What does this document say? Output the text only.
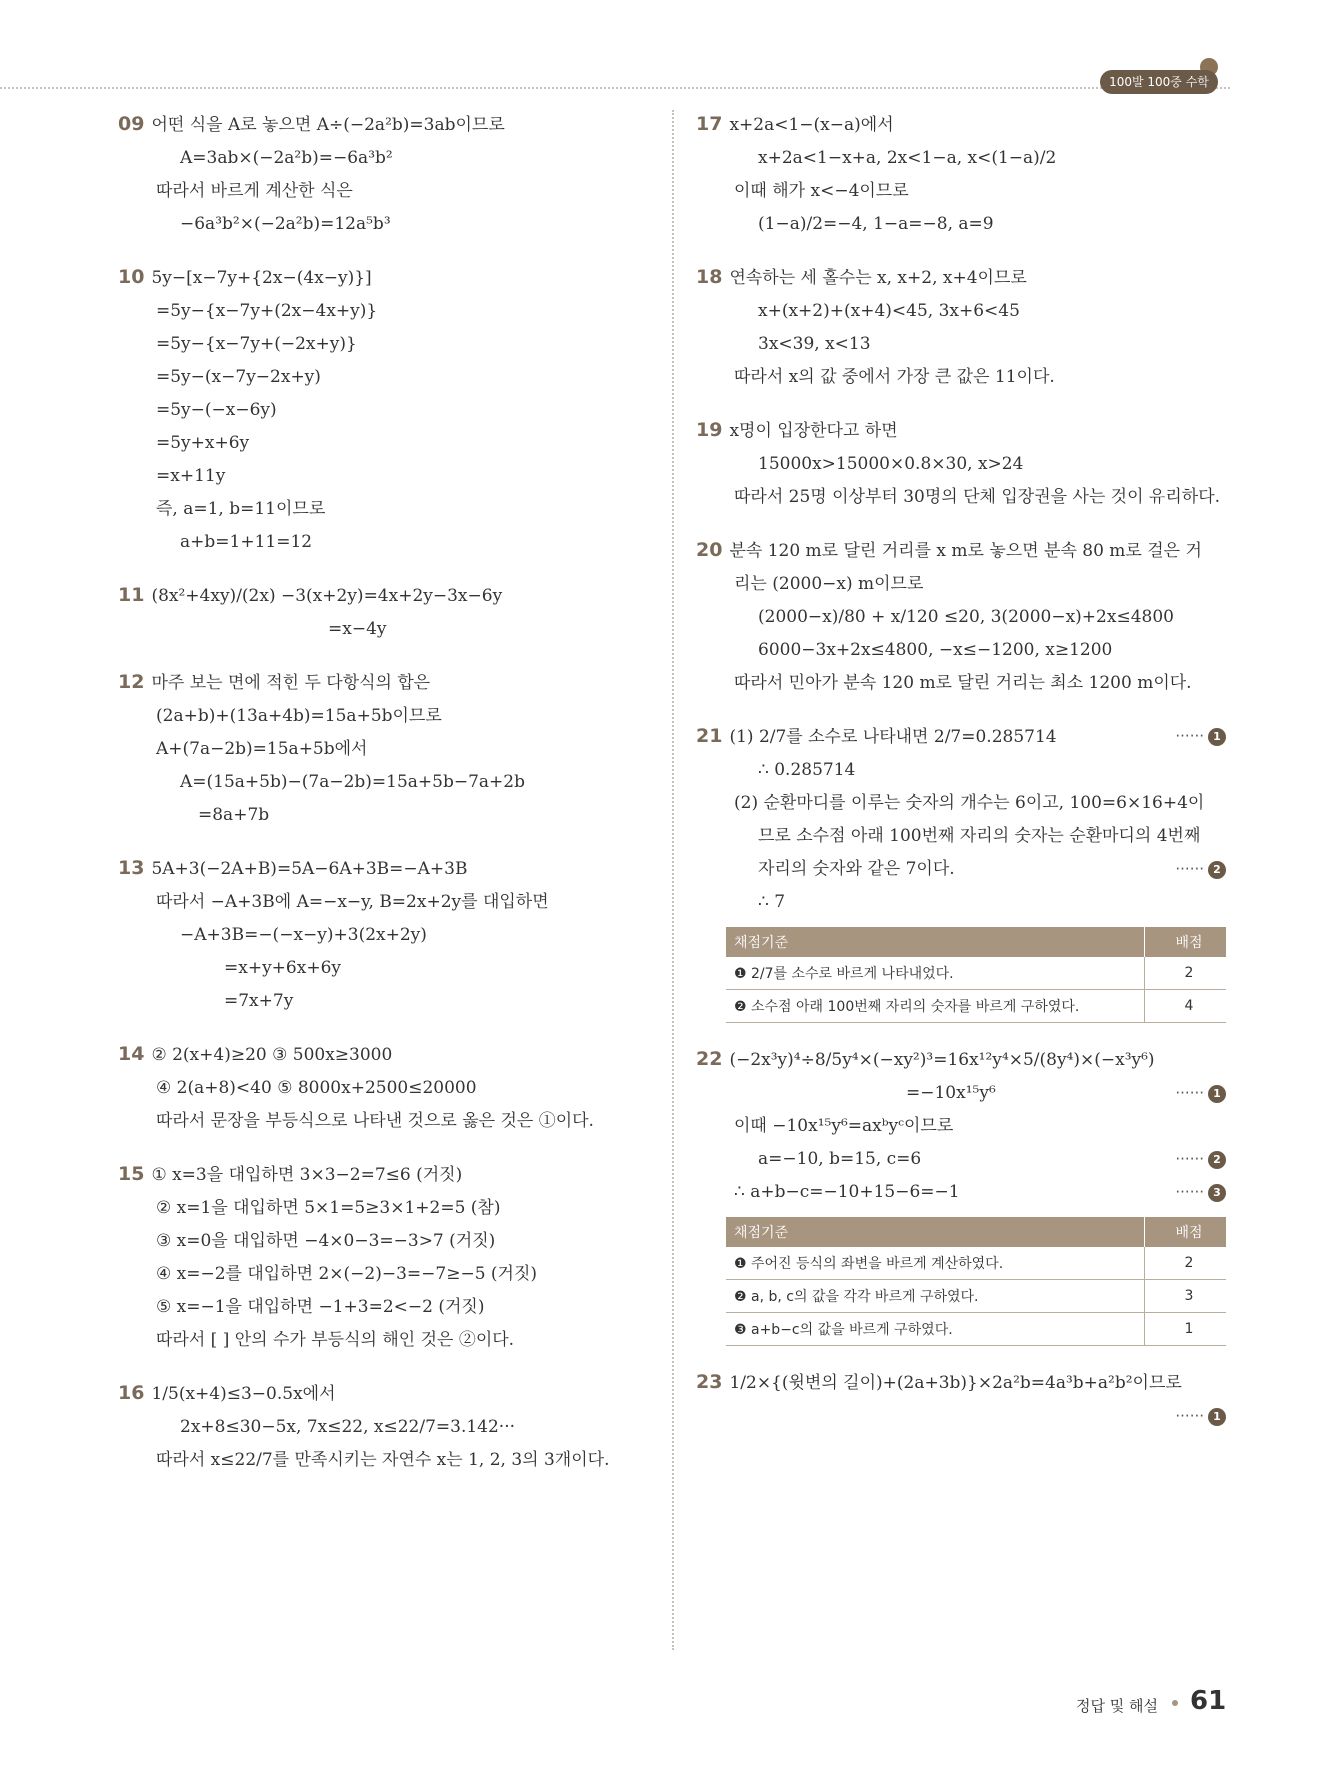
100발 100중 수학
09 어떤 식을 A로 놓으면 A÷(−2a²b)=3ab이므로
A=3ab×(−2a²b)=−6a³b²
따라서 바르게 계산한 식은
−6a³b²×(−2a²b)=12a⁵b³
10 5y−[x−7y+{2x−(4x−y)}]
=5y−{x−7y+(2x−4x+y)}
=5y−{x−7y+(−2x+y)}
=5y−(x−7y−2x+y)
=5y−(−x−6y)
=5y+x+6y
=x+11y
즉, a=1, b=11이므로
a+b=1+11=12
11 (8x²+4xy)/(2x) −3(x+2y)=4x+2y−3x−6y
=x−4y
12 마주 보는 면에 적힌 두 다항식의 합은
(2a+b)+(13a+4b)=15a+5b이므로
A+(7a−2b)=15a+5b에서
A=(15a+5b)−(7a−2b)=15a+5b−7a+2b
=8a+7b
13 5A+3(−2A+B)=5A−6A+3B=−A+3B
따라서 −A+3B에 A=−x−y, B=2x+2y를 대입하면
−A+3B=−(−x−y)+3(2x+2y)
=x+y+6x+6y
=7x+7y
14 ② 2(x+4)≥20 ③ 500x≥3000
④ 2(a+8)<40 ⑤ 8000x+2500≤20000
따라서 문장을 부등식으로 나타낸 것으로 옳은 것은 ①이다.
15 ① x=3을 대입하면 3×3−2=7≤6 (거짓)
② x=1을 대입하면 5×1=5≥3×1+2=5 (참)
③ x=0을 대입하면 −4×0−3=−3>7 (거짓)
④ x=−2를 대입하면 2×(−2)−3=−7≥−5 (거짓)
⑤ x=−1을 대입하면 −1+3=2<−2 (거짓)
따라서 [ ] 안의 수가 부등식의 해인 것은 ②이다.
16 1/5(x+4)≤3−0.5x에서
2x+8≤30−5x, 7x≤22, x≤22/7=3.142···
따라서 x≤22/7를 만족시키는 자연수 x는 1, 2, 3의 3개이다.
17 x+2a<1−(x−a)에서
x+2a<1−x+a, 2x<1−a, x<(1−a)/2
이때 해가 x<−4이므로
(1−a)/2=−4, 1−a=−8, a=9
18 연속하는 세 홀수는 x, x+2, x+4이므로
x+(x+2)+(x+4)<45, 3x+6<45
3x<39, x<13
따라서 x의 값 중에서 가장 큰 값은 11이다.
19 x명이 입장한다고 하면
15000x>15000×0.8×30, x>24
따라서 25명 이상부터 30명의 단체 입장권을 사는 것이 유리하다.
20 분속 120 m로 달린 거리를 x m로 놓으면 분속 80 m로 걸은 거
리는 (2000−x) m이므로
(2000−x)/80 + x/120 ≤20, 3(2000−x)+2x≤4800
6000−3x+2x≤4800, −x≤−1200, x≥1200
따라서 민아가 분속 120 m로 달린 거리는 최소 1200 m이다.
21 (1) 2/7를 소수로 나타내면 2/7=0.285714	······ 1
∴ 0.285714
(2) 순환마디를 이루는 숫자의 개수는 6이고, 100=6×16+4이
므로 소수점 아래 100번째 자리의 숫자는 순환마디의 4번째
자리의 숫자와 같은 7이다.	······ 2
∴ 7
채점기준	배점
❶ 2/7를 소수로 바르게 나타내었다.	2
❷ 소수점 아래 100번째 자리의 숫자를 바르게 구하였다.	4
22 (−2x³y)⁴÷8/5y⁴×(−xy²)³=16x¹²y⁴×5/(8y⁴)×(−x³y⁶)
=−10x¹⁵y⁶	······ 1
이때 −10x¹⁵y⁶=axᵇyᶜ이므로
a=−10, b=15, c=6	······ 2
∴ a+b−c=−10+15−6=−1	······ 3
채점기준	배점
❶ 주어진 등식의 좌변을 바르게 계산하였다.	2
❷ a, b, c의 값을 각각 바르게 구하였다.	3
❸ a+b−c의 값을 바르게 구하였다.	1
23 1/2×{(윗변의 길이)+(2a+3b)}×2a²b=4a³b+a²b²이므로
······ 1
정답 및 해설 61
